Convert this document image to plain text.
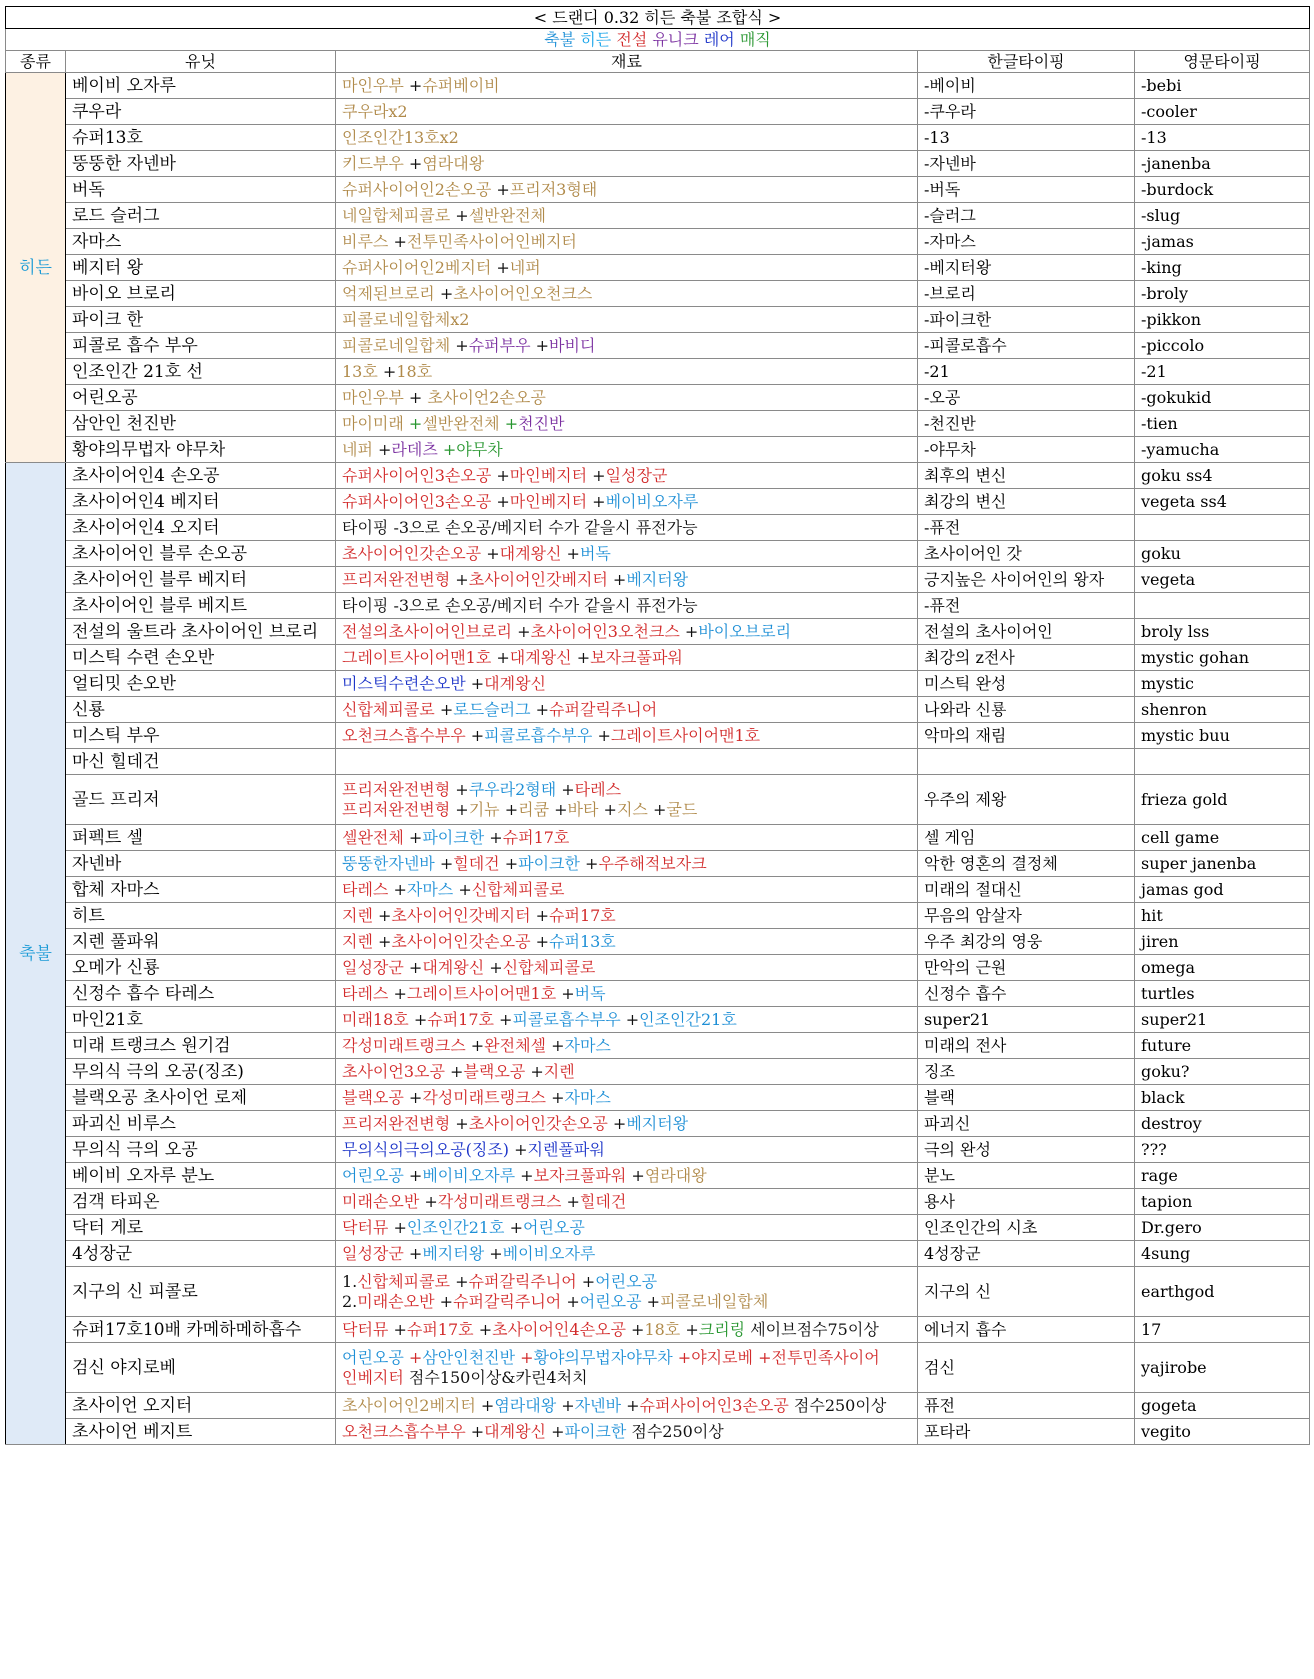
< 드랜디 0.32 히든 축불 조합식 >				
축불 히든 전설 유니크 레어 매직				
종류	유닛	재료	한글타이핑	영문타이핑
히든	베이비 오자루	마인우부 +슈퍼베이비	-베이비	-bebi
	쿠우라	쿠우라x2	-쿠우라	-cooler
	슈퍼13호	인조인간13호x2	-13	-13
	뚱뚱한 자넨바	키드부우 +염라대왕	-자넨바	-janenba
	버독	슈퍼사이어인2손오공 +프리저3형태	-버독	-burdock
	로드 슬러그	네일합체피콜로 +셀반완전체	-슬러그	-slug
	자마스	비루스 +전투민족사이어인베지터	-자마스	-jamas
	베지터 왕	슈퍼사이어인2베지터 +네퍼	-베지터왕	-king
	바이오 브로리	억제된브로리 +초사이어인오천크스	-브로리	-broly
	파이크 한	피콜로네일합체x2	-파이크한	-pikkon
	피콜로 흡수 부우	피콜로네일합체 +슈퍼부우 +바비디	-피콜로흡수	-piccolo
	인조인간 21호 선	13호 +18호	-21	-21
	어린오공	마인우부 + 초사이언2손오공	-오공	-gokukid
	삼안인 천진반	마이미래 +셀반완전체 +천진반	-천진반	-tien
	황야의무법자 야무차	네퍼 +라데츠 +야무차	-야무차	-yamucha
축불	초사이어인4 손오공	슈퍼사이어인3손오공 +마인베지터 +일성장군	최후의 변신	goku ss4
	초사이어인4 베지터	슈퍼사이어인3손오공 +마인베지터 +베이비오자루	최강의 변신	vegeta ss4
	초사이어인4 오지터	타이핑 -3으로 손오공/베지터 수가 같을시 퓨전가능	-퓨전	
	초사이어인 블루 손오공	초사이어인갓손오공 +대계왕신 +버독	초사이어인 갓	goku
	초사이어인 블루 베지터	프리저완전변형 +초사이어인갓베지터 +베지터왕	긍지높은 사이어인의 왕자	vegeta
	초사이어인 블루 베지트	타이핑 -3으로 손오공/베지터 수가 같을시 퓨전가능	-퓨전	
	전설의 울트라 초사이어인 브로리	전설의초사이어인브로리 +초사이어인3오천크스 +바이오브로리	전설의 초사이어인	broly lss
	미스틱 수련 손오반	그레이트사이어맨1호 +대계왕신 +보자크풀파워	최강의 z전사	mystic gohan
	얼티밋 손오반	미스틱수련손오반 +대계왕신	미스틱 완성	mystic
	신룡	신합체피콜로 +로드슬러그 +슈퍼갈릭주니어	나와라 신룡	shenron
	미스틱 부우	오천크스흡수부우 +피콜로흡수부우 +그레이트사이어맨1호	악마의 재림	mystic buu
	마신 힐데건	

	골드 프리저	프리저완전변형 +쿠우라2형태 +타레스
프리저완전변형 +기뉴 +리쿰 +바타 +지스 +굴드	우주의 제왕	frieza gold
	퍼펙트 셀	셀완전체 +파이크한 +슈퍼17호	셀 게임	cell game
	자넨바	뚱뚱한자넨바 +힐데건 +파이크한 +우주해적보자크	악한 영혼의 결정체	super janenba
	합체 자마스	타레스 +자마스 +신합체피콜로	미래의 절대신	jamas god
	히트	지렌 +초사이어인갓베지터 +슈퍼17호	무음의 암살자	hit
	지렌 풀파워	지렌 +초사이어인갓손오공 +슈퍼13호	우주 최강의 영웅	jiren
	오메가 신룡	일성장군 +대계왕신 +신합체피콜로	만악의 근원	omega
	신정수 흡수 타레스	타레스 +그레이트사이어맨1호 +버독	신정수 흡수	turtles
	마인21호	미래18호 +슈퍼17호 +피콜로흡수부우 +인조인간21호	super21	super21
	미래 트랭크스 원기검	각성미래트랭크스 +완전체셀 +자마스	미래의 전사	future
	무의식 극의 오공(징조)	초사이언3오공 +블랙오공 +지렌	징조	goku?
	블랙오공 초사이언 로제	블랙오공 +각성미래트랭크스 +자마스	블랙	black
	파괴신 비루스	프리저완전변형 +초사이어인갓손오공 +베지터왕	파괴신	destroy
	무의식 극의 오공	무의식의극의오공(징조) +지렌풀파워	극의 완성	???
	베이비 오자루 분노	어린오공 +베이비오자루 +보자크풀파워 +염라대왕	분노	rage
	검객 타피온	미래손오반 +각성미래트랭크스 +힐데건	용사	tapion
	닥터 게로	닥터뮤 +인조인간21호 +어린오공	인조인간의 시초	Dr.gero
	4성장군	일성장군 +베지터왕 +베이비오자루	4성장군	4sung
	지구의 신 피콜로	1.신합체피콜로 +슈퍼갈릭주니어 +어린오공
2.미래손오반 +슈퍼갈릭주니어 +어린오공 +피콜로네일합체	지구의 신	earthgod
	슈퍼17호10배 카메하메하흡수	닥터뮤 +슈퍼17호 +초사이어인4손오공 +18호 +크리링 세이브점수75이상	에너지 흡수	17
	검신 야지로베	어린오공 +삼안인천진반 +황야의무법자야무차 +야지로베 +전투민족사이어
인베지터 점수150이상&카린4처치	검신	yajirobe
	초사이언 오지터	초사이어인2베지터 +염라대왕 +자넨바 +슈퍼사이어인3손오공 점수250이상	퓨전	gogeta
	초사이언 베지트	오천크스흡수부우 +대계왕신 +파이크한 점수250이상	포타라	vegito
